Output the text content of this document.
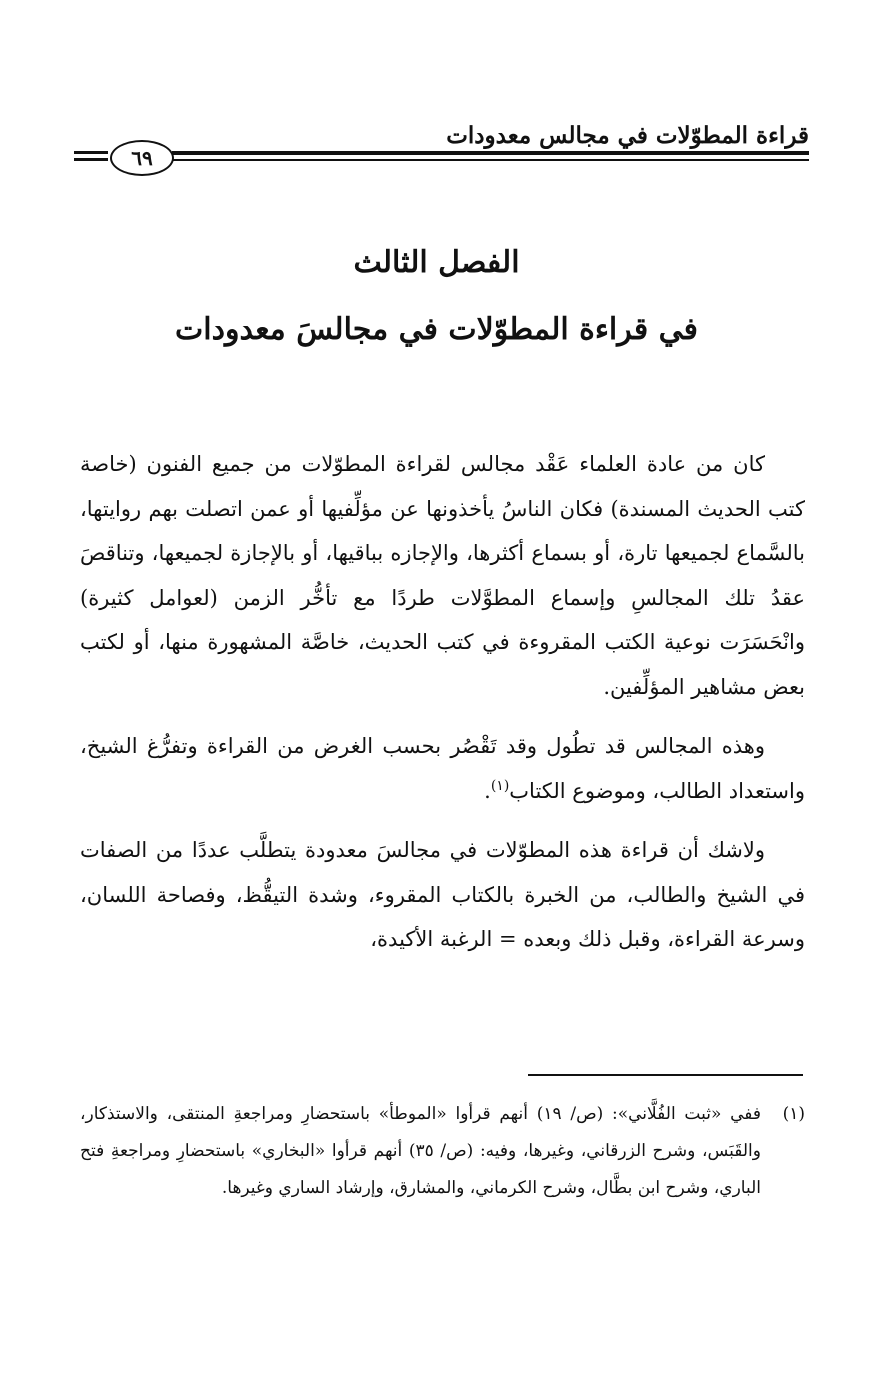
٦٩
قراءة المطوّلات في مجالس معدودات
الفصل الثالث
في قراءة المطوّلات في مجالسَ معدودات

كان من عادة العلماء عَقْد مجالس لقراءة المطوّلات من جميع الفنون (خاصة كتب الحديث المسندة) فكان الناسُ يأخذونها عن مؤلِّفيها أو عمن اتصلت بهم روايتها، بالسَّماع لجميعها تارة، أو بسماع أكثرها، والإجازه بباقيها، أو بالإجازة لجميعها، وتناقصَ عقدُ تلك المجالسِ وإسماع المطوَّلات طردًا مع تأخُّر الزمن (لعوامل كثيرة) وانْحَسَرَت نوعية الكتب المقروءة في كتب الحديث، خاصَّة المشهورة منها، أو لكتب بعض مشاهير المؤلِّفين.

وهذه المجالس قد تطُول وقد تَقْصُر بحسب الغرض من القراءة وتفرُّغ الشيخ، واستعداد الطالب، وموضوع الكتاب$^{(١)}$.

ولاشك أن قراءة هذه المطوّلات في مجالسَ معدودة يتطلَّب عددًا من الصفات في الشيخ والطالب، من الخبرة بالكتاب المقروء، وشدة التيقُّظ، وفصاحة اللسان، وسرعة القراءة، وقبل ذلك وبعده = الرغبة الأكيدة،

(١)
ففي «ثبت الفُلَّاني»: (ص/ ١٩) أنهم قرأوا «الموطأ» باستحضارِ ومراجعةِ المنتقى، والاستذكار، والقَبَس، وشرح الزرقاني، وغيرها، وفيه: (ص/ ٣٥) أنهم قرأوا «البخاري» باستحضارِ ومراجعةِ فتح الباري، وشرح ابن بطَّال، وشرح الكرماني، والمشارق، وإرشاد الساري وغيرها.
